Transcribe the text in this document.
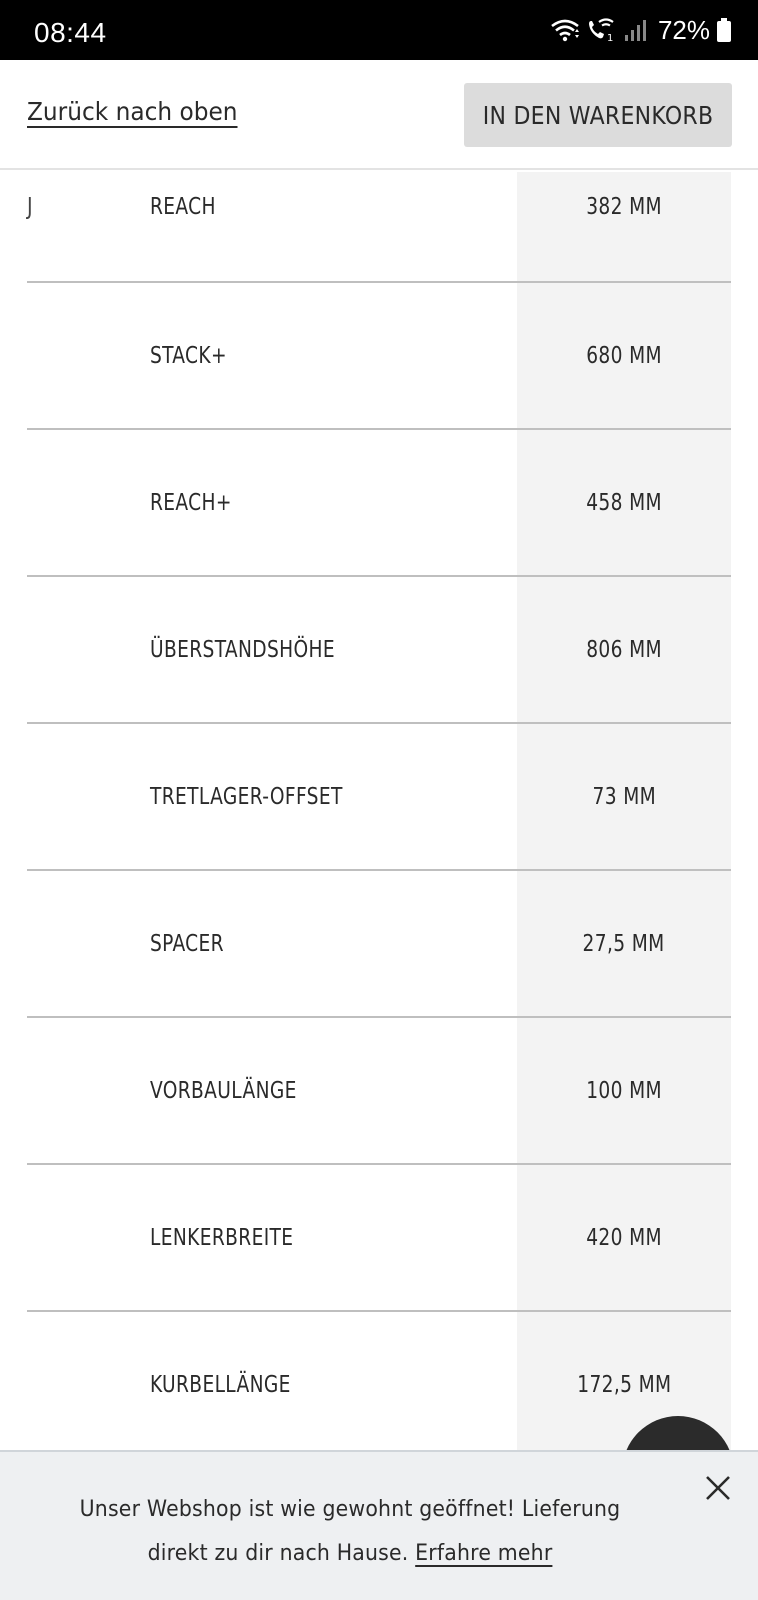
08:44	1 72%
Zurück nach oben	IN DEN WARENKORB
J	REACH	382 MM
STACK+	680 MM
REACH+	458 MM
ÜBERSTANDSHÖHE	806 MM
TRETLAGER-OFFSET	73 MM
SPACER	27,5 MM
VORBAULÄNGE	100 MM
LENKERBREITE	420 MM
KURBELLÄNGE	172,5 MM
Unser Webshop ist wie gewohnt geöffnet! Lieferung direkt zu dir nach Hause. Erfahre mehr
